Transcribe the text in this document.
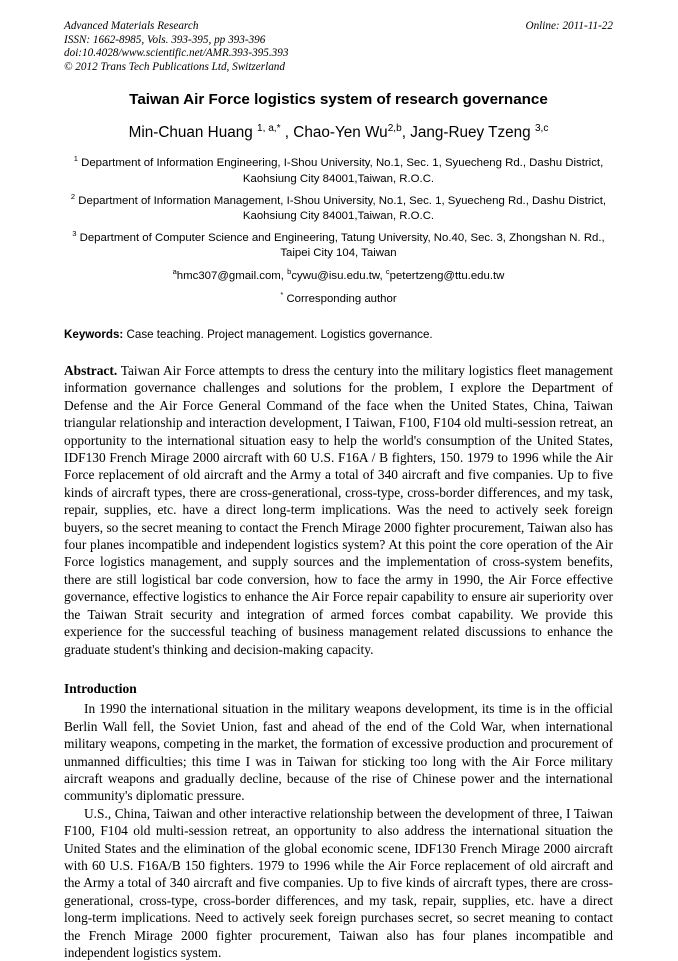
Advanced Materials Research
ISSN: 1662-8985, Vols. 393-395, pp 393-396
doi:10.4028/www.scientific.net/AMR.393-395.393
© 2012 Trans Tech Publications Ltd, Switzerland
Online: 2011-11-22
Taiwan Air Force logistics system of research governance
Min-Chuan Huang $^{1, a,*}$ , Chao-Yen Wu$^{2,b}$, Jang-Ruey Tzeng $^{3,c}$

$^1$ Department of Information Engineering, I-Shou University, No.1, Sec. 1, Syuecheng Rd., Dashu District, Kaohsiung City 84001,Taiwan, R.O.C.

$^2$ Department of Information Management, I-Shou University, No.1, Sec. 1, Syuecheng Rd., Dashu District, Kaohsiung City 84001,Taiwan, R.O.C.

$^3$ Department of Computer Science and Engineering, Tatung University, No.40, Sec. 3, Zhongshan N. Rd., Taipei City 104, Taiwan

$^a$hmc307@gmail.com, $^b$cywu@isu.edu.tw, $^c$petertzeng@ttu.edu.tw

* Corresponding author

Keywords: Case teaching. Project management. Logistics governance.

Abstract. Taiwan Air Force attempts to dress the century into the military logistics fleet management information governance challenges and solutions for the problem, I explore the Department of Defense and the Air Force General Command of the face when the United States, China, Taiwan triangular relationship and interaction development, I Taiwan, F100, F104 old multi-session retreat, an opportunity to the international situation easy to help the world's consumption of the United States, IDF130 French Mirage 2000 aircraft with 60 U.S. F16A / B fighters, 150. 1979 to 1996 while the Air Force replacement of old aircraft and the Army a total of 340 aircraft and five companies. Up to five kinds of aircraft types, there are cross-generational, cross-type, cross-border differences, and my task, repair, supplies, etc. have a direct long-term implications. Was the need to actively seek foreign buyers, so the secret meaning to contact the French Mirage 2000 fighter procurement, Taiwan also has four planes incompatible and independent logistics system? At this point the core operation of the Air Force logistics management, and supply sources and the implementation of cross-system benefits, there are still logistical bar code conversion, how to face the army in 1990, the Air Force effective governance, effective logistics to enhance the Air Force repair capability to ensure air superiority over the Taiwan Strait security and integration of armed forces combat capability. We provide this experience for the successful teaching of business management related discussions to enhance the graduate student's thinking and decision-making capacity.

Introduction

In 1990 the international situation in the military weapons development, its time is in the official Berlin Wall fell, the Soviet Union, fast and ahead of the end of the Cold War, when international military weapons, competing in the market, the formation of excessive production and procurement of unmanned difficulties; this time I was in Taiwan for sticking too long with the Air Force military aircraft weapons and gradually decline, because of the rise of Chinese power and the international community's diplomatic pressure.

U.S., China, Taiwan and other interactive relationship between the development of three, I Taiwan F100, F104 old multi-session retreat, an opportunity to also address the international situation the United States and the elimination of the global economic scene, IDF130 French Mirage 2000 aircraft with 60 U.S. F16A/B 150 fighters. 1979 to 1996 while the Air Force replacement of old aircraft and the Army a total of 340 aircraft and five companies. Up to five kinds of aircraft types, there are cross-generational, cross-type, cross-border differences, and my task, repair, supplies, etc. have a direct long-term implications. Need to actively seek foreign purchases secret, so secret meaning to contact the French Mirage 2000 fighter procurement, Taiwan also has four planes incompatible and independent logistics system.
